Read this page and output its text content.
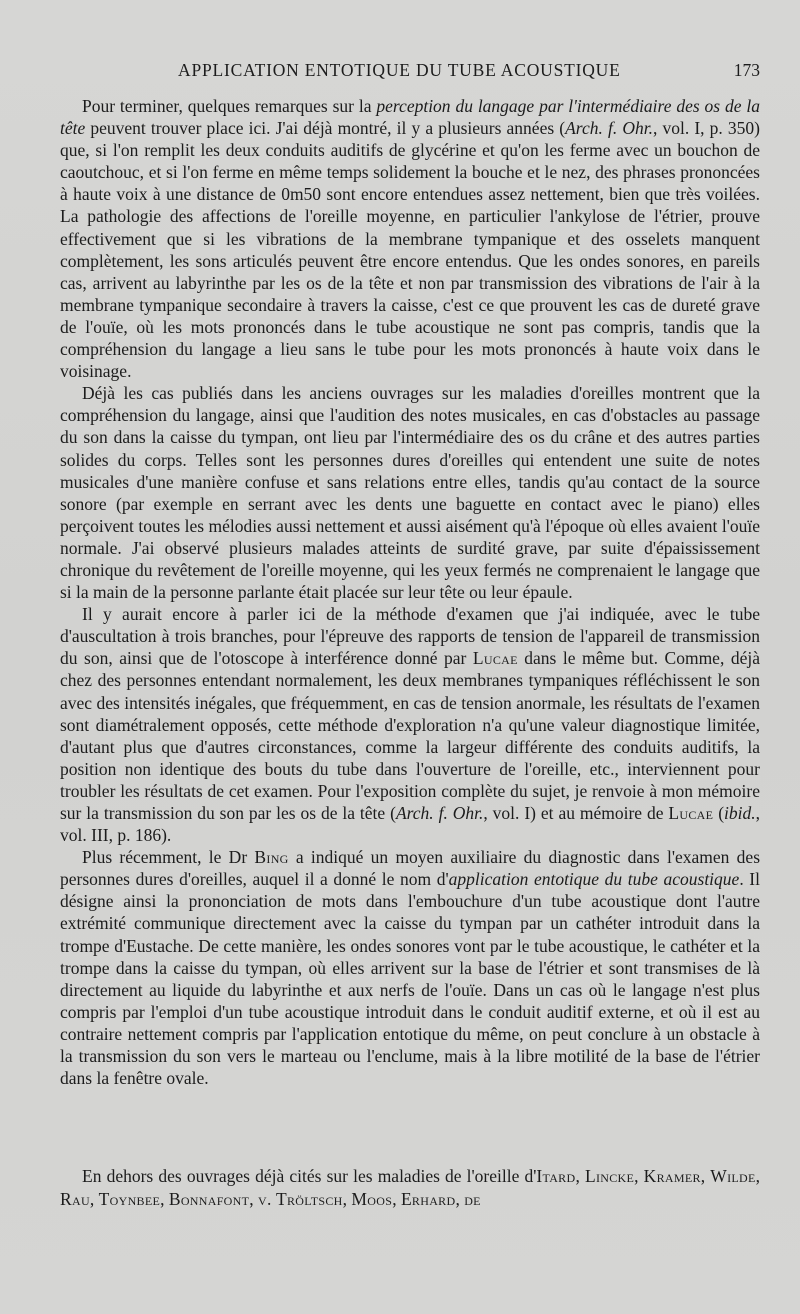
APPLICATION ENTOTIQUE DU TUBE ACOUSTIQUE	173

Pour terminer, quelques remarques sur la perception du langage par l'intermédiaire des os de la tête peuvent trouver place ici. J'ai déjà montré, il y a plusieurs années (Arch. f. Ohr., vol. I, p. 350) que, si l'on remplit les deux conduits auditifs de glycérine et qu'on les ferme avec un bouchon de caoutchouc, et si l'on ferme en même temps solidement la bouche et le nez, des phrases prononcées à haute voix à une distance de 0m50 sont encore entendues assez nettement, bien que très voilées. La pathologie des affections de l'oreille moyenne, en particulier l'ankylose de l'étrier, prouve effectivement que si les vibrations de la membrane tympanique et des osselets manquent complètement, les sons articulés peuvent être encore entendus. Que les ondes sonores, en pareils cas, arrivent au labyrinthe par les os de la tête et non par transmission des vibrations de l'air à la membrane tympanique secondaire à travers la caisse, c'est ce que prouvent les cas de dureté grave de l'ouïe, où les mots prononcés dans le tube acoustique ne sont pas compris, tandis que la compréhension du langage a lieu sans le tube pour les mots prononcés à haute voix dans le voisinage.

Déjà les cas publiés dans les anciens ouvrages sur les maladies d'oreilles montrent que la compréhension du langage, ainsi que l'audition des notes musicales, en cas d'obstacles au passage du son dans la caisse du tympan, ont lieu par l'intermédiaire des os du crâne et des autres parties solides du corps. Telles sont les personnes dures d'oreilles qui entendent une suite de notes musicales d'une manière confuse et sans relations entre elles, tandis qu'au contact de la source sonore (par exemple en serrant avec les dents une baguette en contact avec le piano) elles perçoivent toutes les mélodies aussi nettement et aussi aisément qu'à l'époque où elles avaient l'ouïe normale. J'ai observé plusieurs malades atteints de surdité grave, par suite d'épaississement chronique du revêtement de l'oreille moyenne, qui les yeux fermés ne comprenaient le langage que si la main de la personne parlante était placée sur leur tête ou leur épaule.

Il y aurait encore à parler ici de la méthode d'examen que j'ai indiquée, avec le tube d'auscultation à trois branches, pour l'épreuve des rapports de tension de l'appareil de transmission du son, ainsi que de l'otoscope à interférence donné par Lucae dans le même but. Comme, déjà chez des personnes entendant normalement, les deux membranes tympaniques réfléchissent le son avec des intensités inégales, que fréquemment, en cas de tension anormale, les résultats de l'examen sont diamétralement opposés, cette méthode d'exploration n'a qu'une valeur diagnostique limitée, d'autant plus que d'autres circonstances, comme la largeur différente des conduits auditifs, la position non identique des bouts du tube dans l'ouverture de l'oreille, etc., interviennent pour troubler les résultats de cet examen. Pour l'exposition complète du sujet, je renvoie à mon mémoire sur la transmission du son par les os de la tête (Arch. f. Ohr., vol. I) et au mémoire de Lucae (ibid., vol. III, p. 186).

Plus récemment, le Dr Bing a indiqué un moyen auxiliaire du diagnostic dans l'examen des personnes dures d'oreilles, auquel il a donné le nom d'application entotique du tube acoustique. Il désigne ainsi la prononciation de mots dans l'embouchure d'un tube acoustique dont l'autre extrémité communique directement avec la caisse du tympan par un cathéter introduit dans la trompe d'Eustache. De cette manière, les ondes sonores vont par le tube acoustique, le cathéter et la trompe dans la caisse du tympan, où elles arrivent sur la base de l'étrier et sont transmises de là directement au liquide du labyrinthe et aux nerfs de l'ouïe. Dans un cas où le langage n'est plus compris par l'emploi d'un tube acoustique introduit dans le conduit auditif externe, et où il est au contraire nettement compris par l'application entotique du même, on peut conclure à un obstacle à la transmission du son vers le marteau ou l'enclume, mais à la libre motilité de la base de l'étrier dans la fenêtre ovale.

En dehors des ouvrages déjà cités sur les maladies de l'oreille d'Itard, Lincke, Kramer, Wilde, Rau, Toynbee, Bonnafont, v. Tröltsch, Moos, Erhard, de
